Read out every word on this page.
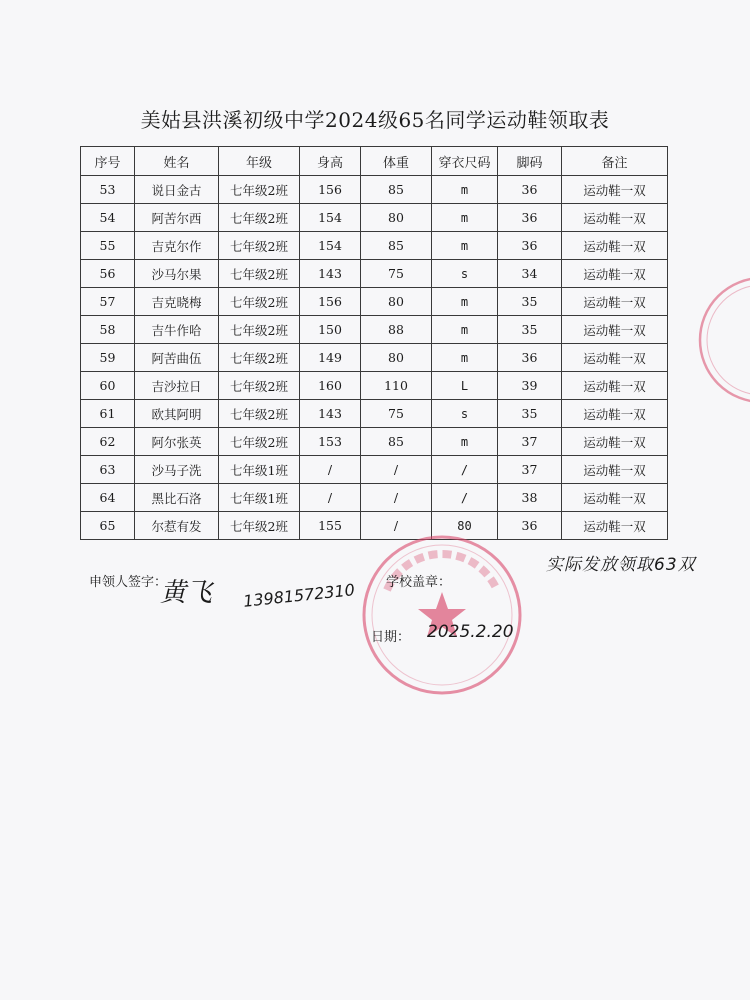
美姑县洪溪初级中学2024级65名同学运动鞋领取表
序号	姓名	年级	身高	体重	穿衣尺码	脚码	备注
53	说日金古	七年级2班	156	85	m	36	运动鞋一双
54	阿苦尔西	七年级2班	154	80	m	36	运动鞋一双
55	吉克尔作	七年级2班	154	85	m	36	运动鞋一双
56	沙马尔果	七年级2班	143	75	s	34	运动鞋一双
57	吉克晓梅	七年级2班	156	80	m	35	运动鞋一双
58	吉牛作哈	七年级2班	150	88	m	35	运动鞋一双
59	阿苦曲伍	七年级2班	149	80	m	36	运动鞋一双
60	吉沙拉日	七年级2班	160	110	L	39	运动鞋一双
61	欧其阿明	七年级2班	143	75	s	35	运动鞋一双
62	阿尔张英	七年级2班	153	85	m	37	运动鞋一双
63	沙马子洗	七年级1班	/	/	/	37	运动鞋一双
64	黑比石洛	七年级1班	/	/	/	38	运动鞋一双
65	尔惹有发	七年级2班	155	/	80	36	运动鞋一双
申领人签字：
黄飞 13981572310 学校盖章：
日期： 2025.2.20
实际发放领取63双
